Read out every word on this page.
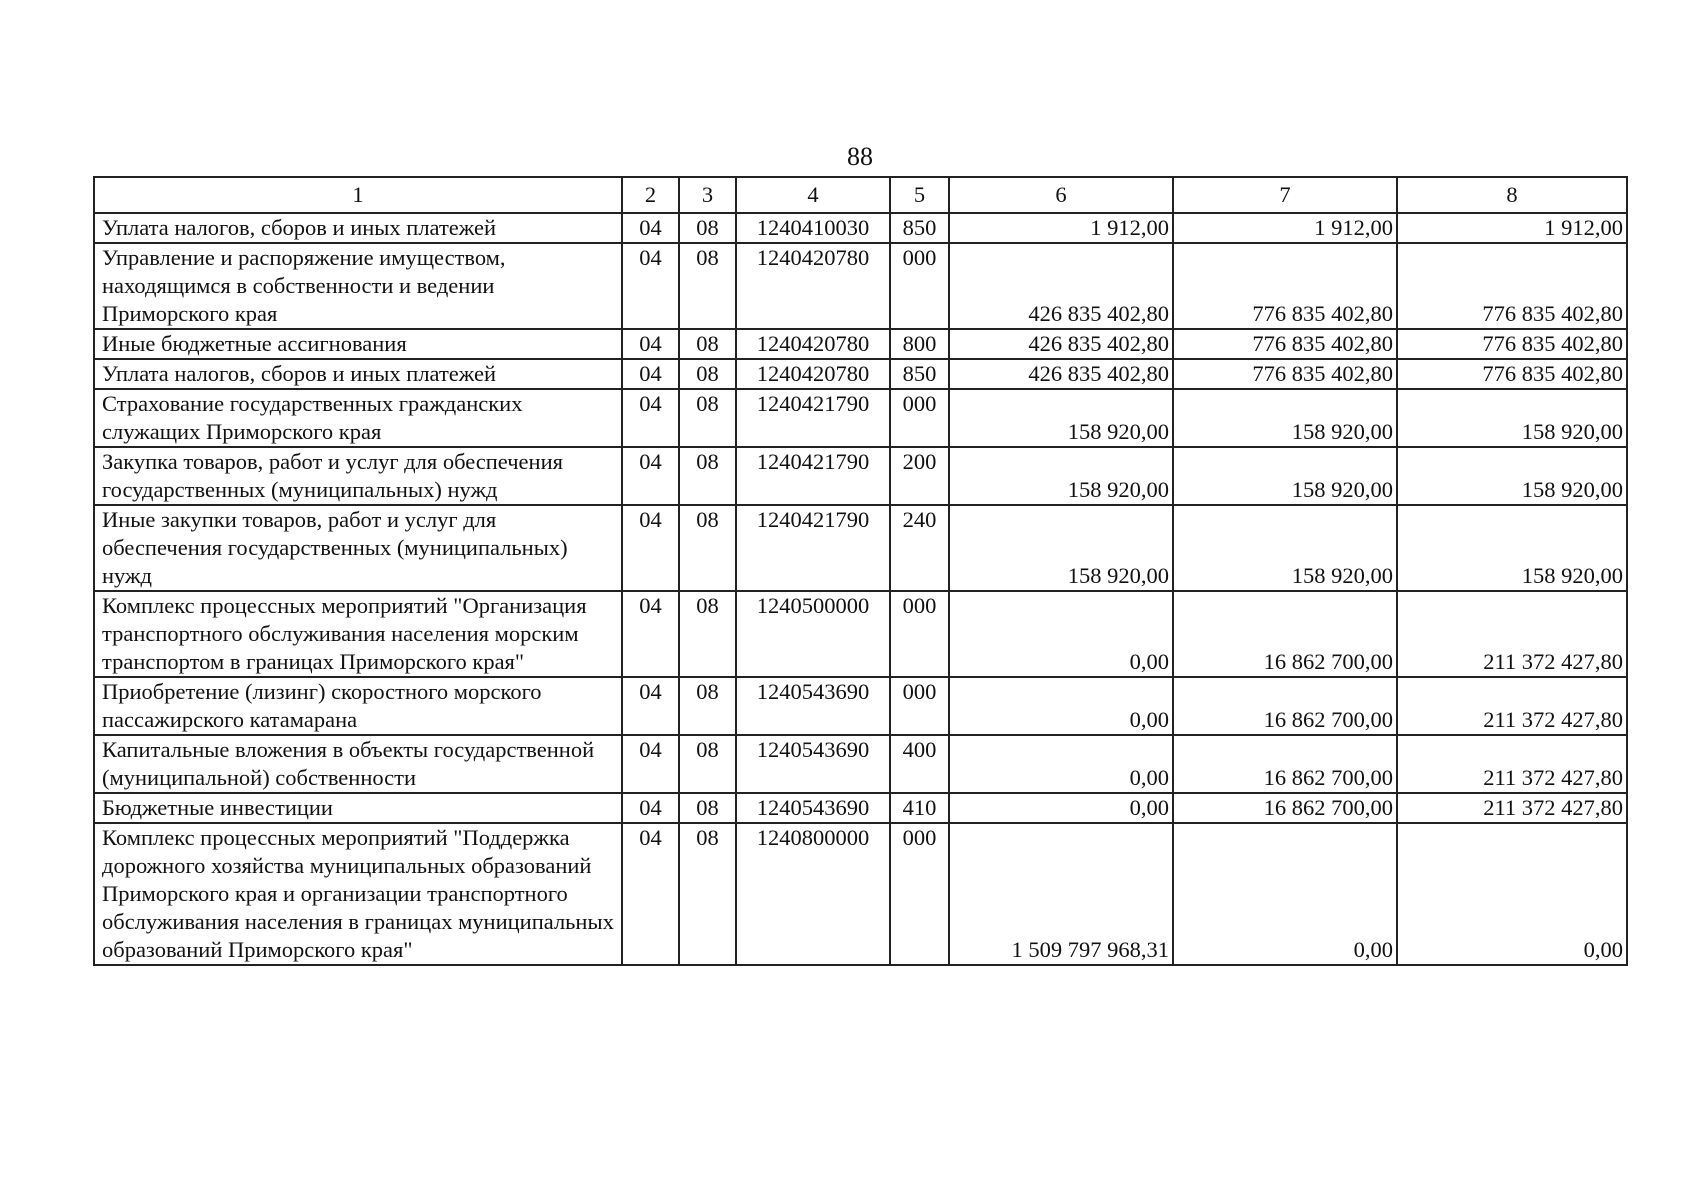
88
1	2	3	4	5	6	7	8
Уплата налогов, сборов и иных платежей	04	08	1240410030	850	1 912,00	1 912,00	1 912,00
Управление и распоряжение имуществом, находящимся в собственности и ведении Приморского края	04	08	1240420780	000	426 835 402,80	776 835 402,80	776 835 402,80
Иные бюджетные ассигнования	04	08	1240420780	800	426 835 402,80	776 835 402,80	776 835 402,80
Уплата налогов, сборов и иных платежей	04	08	1240420780	850	426 835 402,80	776 835 402,80	776 835 402,80
Страхование государственных гражданских служащих Приморского края	04	08	1240421790	000	158 920,00	158 920,00	158 920,00
Закупка товаров, работ и услуг для обеспечения государственных (муниципальных) нужд	04	08	1240421790	200	158 920,00	158 920,00	158 920,00
Иные закупки товаров, работ и услуг для обеспечения государственных (муниципальных) нужд	04	08	1240421790	240	158 920,00	158 920,00	158 920,00
Комплекс процессных мероприятий "Организация транспортного обслуживания населения морским транспортом в границах Приморского края"	04	08	1240500000	000	0,00	16 862 700,00	211 372 427,80
Приобретение (лизинг) скоростного морского пассажирского катамарана	04	08	1240543690	000	0,00	16 862 700,00	211 372 427,80
Капитальные вложения в объекты государственной (муниципальной) собственности	04	08	1240543690	400	0,00	16 862 700,00	211 372 427,80
Бюджетные инвестиции	04	08	1240543690	410	0,00	16 862 700,00	211 372 427,80
Комплекс процессных мероприятий "Поддержка дорожного хозяйства муниципальных образований Приморского края и организации транспортного обслуживания населения в границах муниципальных образований Приморского края"	04	08	1240800000	000	1 509 797 968,31	0,00	0,00
